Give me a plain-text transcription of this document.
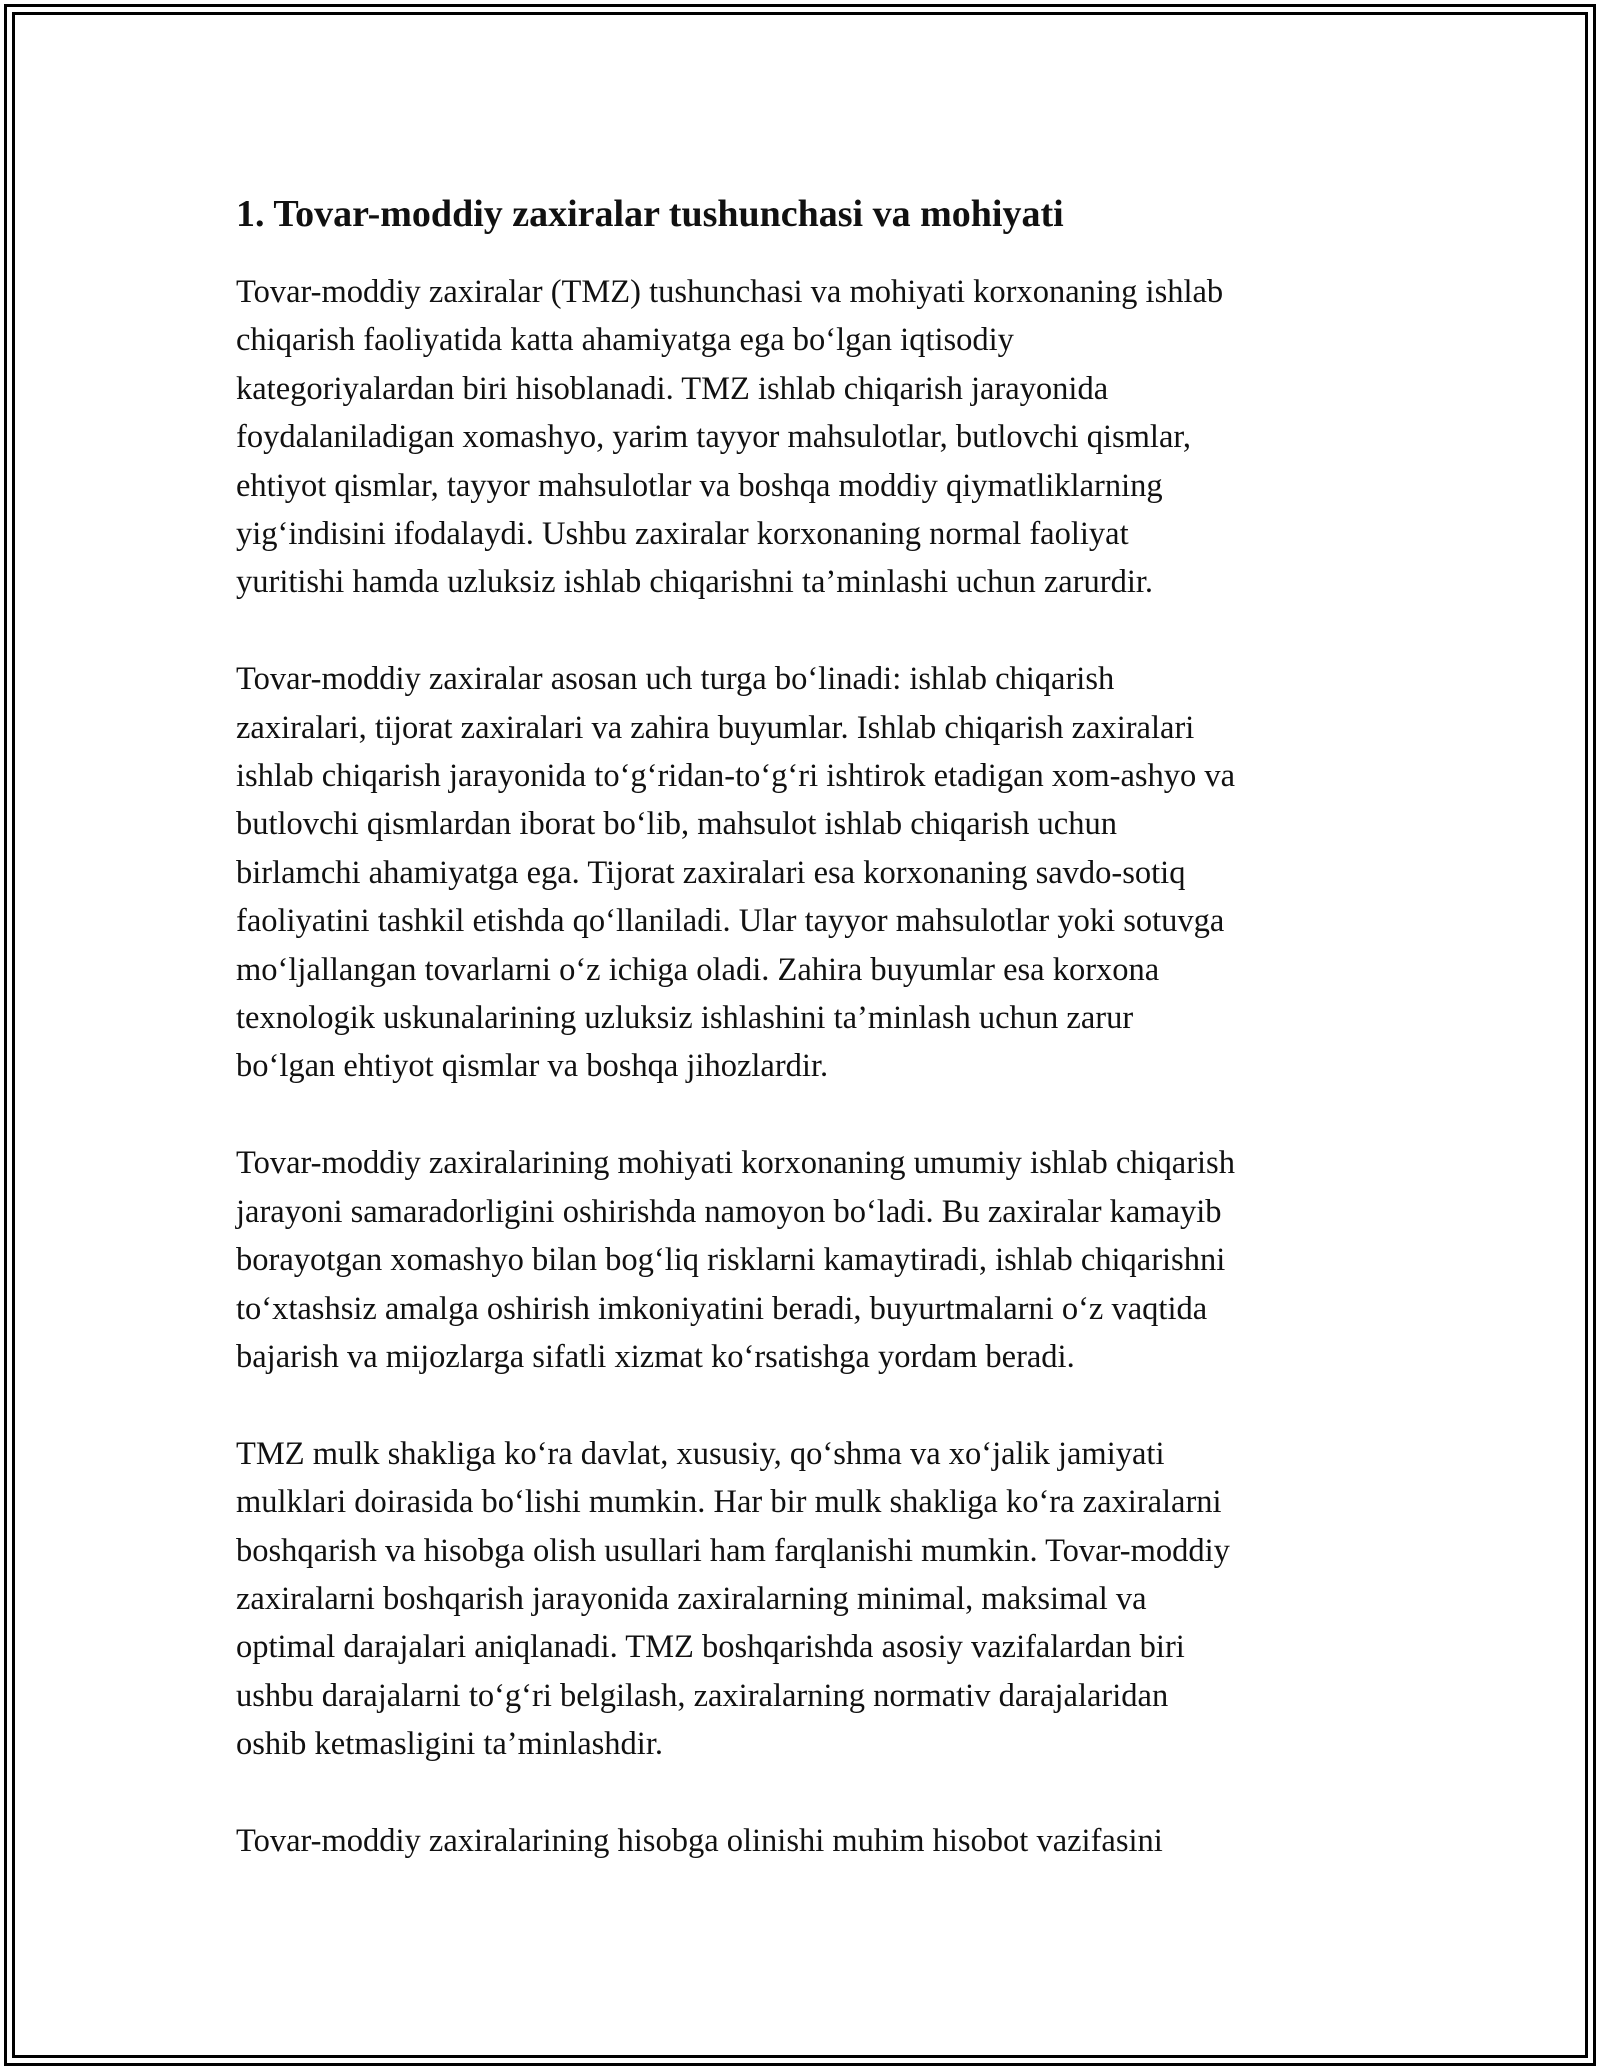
1. Tovar-moddiy zaxiralar tushunchasi va mohiyati

Tovar-moddiy zaxiralar (TMZ) tushunchasi va mohiyati korxonaning ishlab
chiqarish faoliyatida katta ahamiyatga ega bo‘lgan iqtisodiy
kategoriyalardan biri hisoblanadi. TMZ ishlab chiqarish jarayonida
foydalaniladigan xomashyo, yarim tayyor mahsulotlar, butlovchi qismlar,
ehtiyot qismlar, tayyor mahsulotlar va boshqa moddiy qiymatliklarning
yig‘indisini ifodalaydi. Ushbu zaxiralar korxonaning normal faoliyat
yuritishi hamda uzluksiz ishlab chiqarishni ta’minlashi uchun zarurdir.

Tovar-moddiy zaxiralar asosan uch turga bo‘linadi: ishlab chiqarish
zaxiralari, tijorat zaxiralari va zahira buyumlar. Ishlab chiqarish zaxiralari
ishlab chiqarish jarayonida to‘g‘ridan-to‘g‘ri ishtirok etadigan xom-ashyo va
butlovchi qismlardan iborat bo‘lib, mahsulot ishlab chiqarish uchun
birlamchi ahamiyatga ega. Tijorat zaxiralari esa korxonaning savdo-sotiq
faoliyatini tashkil etishda qo‘llaniladi. Ular tayyor mahsulotlar yoki sotuvga
mo‘ljallangan tovarlarni o‘z ichiga oladi. Zahira buyumlar esa korxona
texnologik uskunalarining uzluksiz ishlashini ta’minlash uchun zarur
bo‘lgan ehtiyot qismlar va boshqa jihozlardir.

Tovar-moddiy zaxiralarining mohiyati korxonaning umumiy ishlab chiqarish
jarayoni samaradorligini oshirishda namoyon bo‘ladi. Bu zaxiralar kamayib
borayotgan xomashyo bilan bog‘liq risklarni kamaytiradi, ishlab chiqarishni
to‘xtashsiz amalga oshirish imkoniyatini beradi, buyurtmalarni o‘z vaqtida
bajarish va mijozlarga sifatli xizmat ko‘rsatishga yordam beradi.

TMZ mulk shakliga ko‘ra davlat, xususiy, qo‘shma va xo‘jalik jamiyati
mulklari doirasida bo‘lishi mumkin. Har bir mulk shakliga ko‘ra zaxiralarni
boshqarish va hisobga olish usullari ham farqlanishi mumkin. Tovar-moddiy
zaxiralarni boshqarish jarayonida zaxiralarning minimal, maksimal va
optimal darajalari aniqlanadi. TMZ boshqarishda asosiy vazifalardan biri
ushbu darajalarni to‘g‘ri belgilash, zaxiralarning normativ darajalaridan
oshib ketmasligini ta’minlashdir.

Tovar-moddiy zaxiralarining hisobga olinishi muhim hisobot vazifasini
